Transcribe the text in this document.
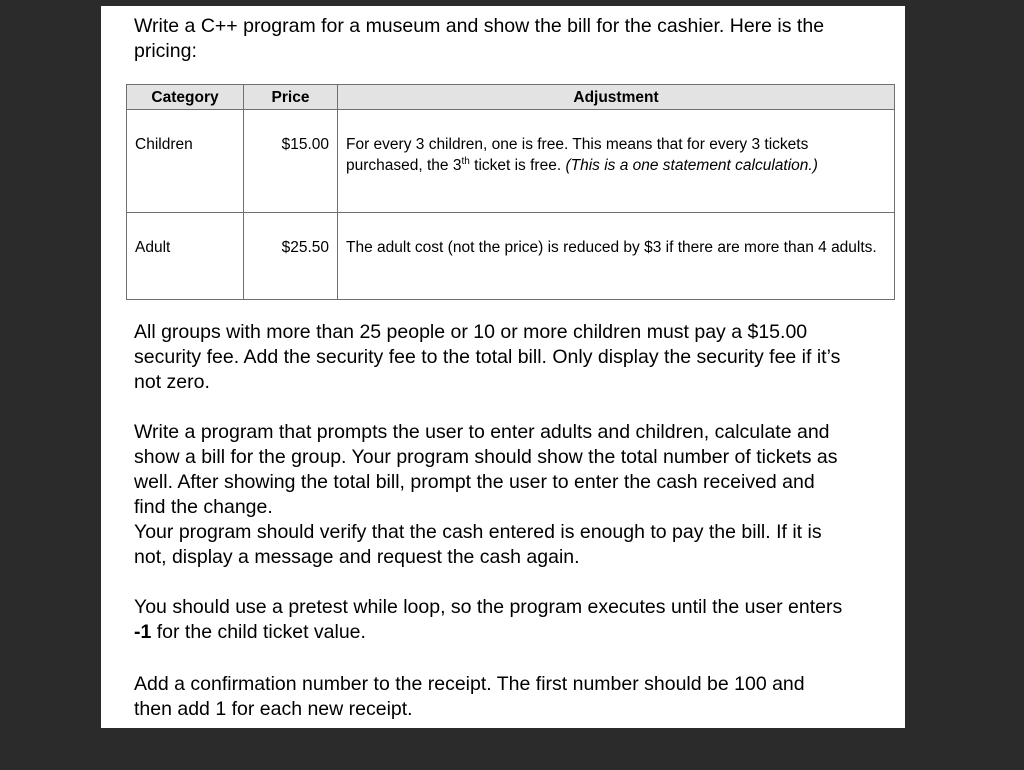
Write a C++ program for a museum and show the bill for the cashier. Here is the pricing:

Category	Price	Adjustment
Children	$15.00	For every 3 children, one is free. This means that for every 3 tickets purchased, the 3th ticket is free. (This is a one statement calculation.)
Adult	$25.50	The adult cost (not the price) is reduced by $3 if there are more than 4 adults.

All groups with more than 25 people or 10 or more children must pay a $15.00 security fee. Add the security fee to the total bill. Only display the security fee if it’s not zero.

Write a program that prompts the user to enter adults and children, calculate and show a bill for the group. Your program should show the total number of tickets as well. After showing the total bill, prompt the user to enter the cash received and find the change.

Your program should verify that the cash entered is enough to pay the bill. If it is not, display a message and request the cash again.

You should use a pretest while loop, so the program executes until the user enters -1 for the child ticket value.

Add a confirmation number to the receipt. The first number should be 100 and then add 1 for each new receipt.
